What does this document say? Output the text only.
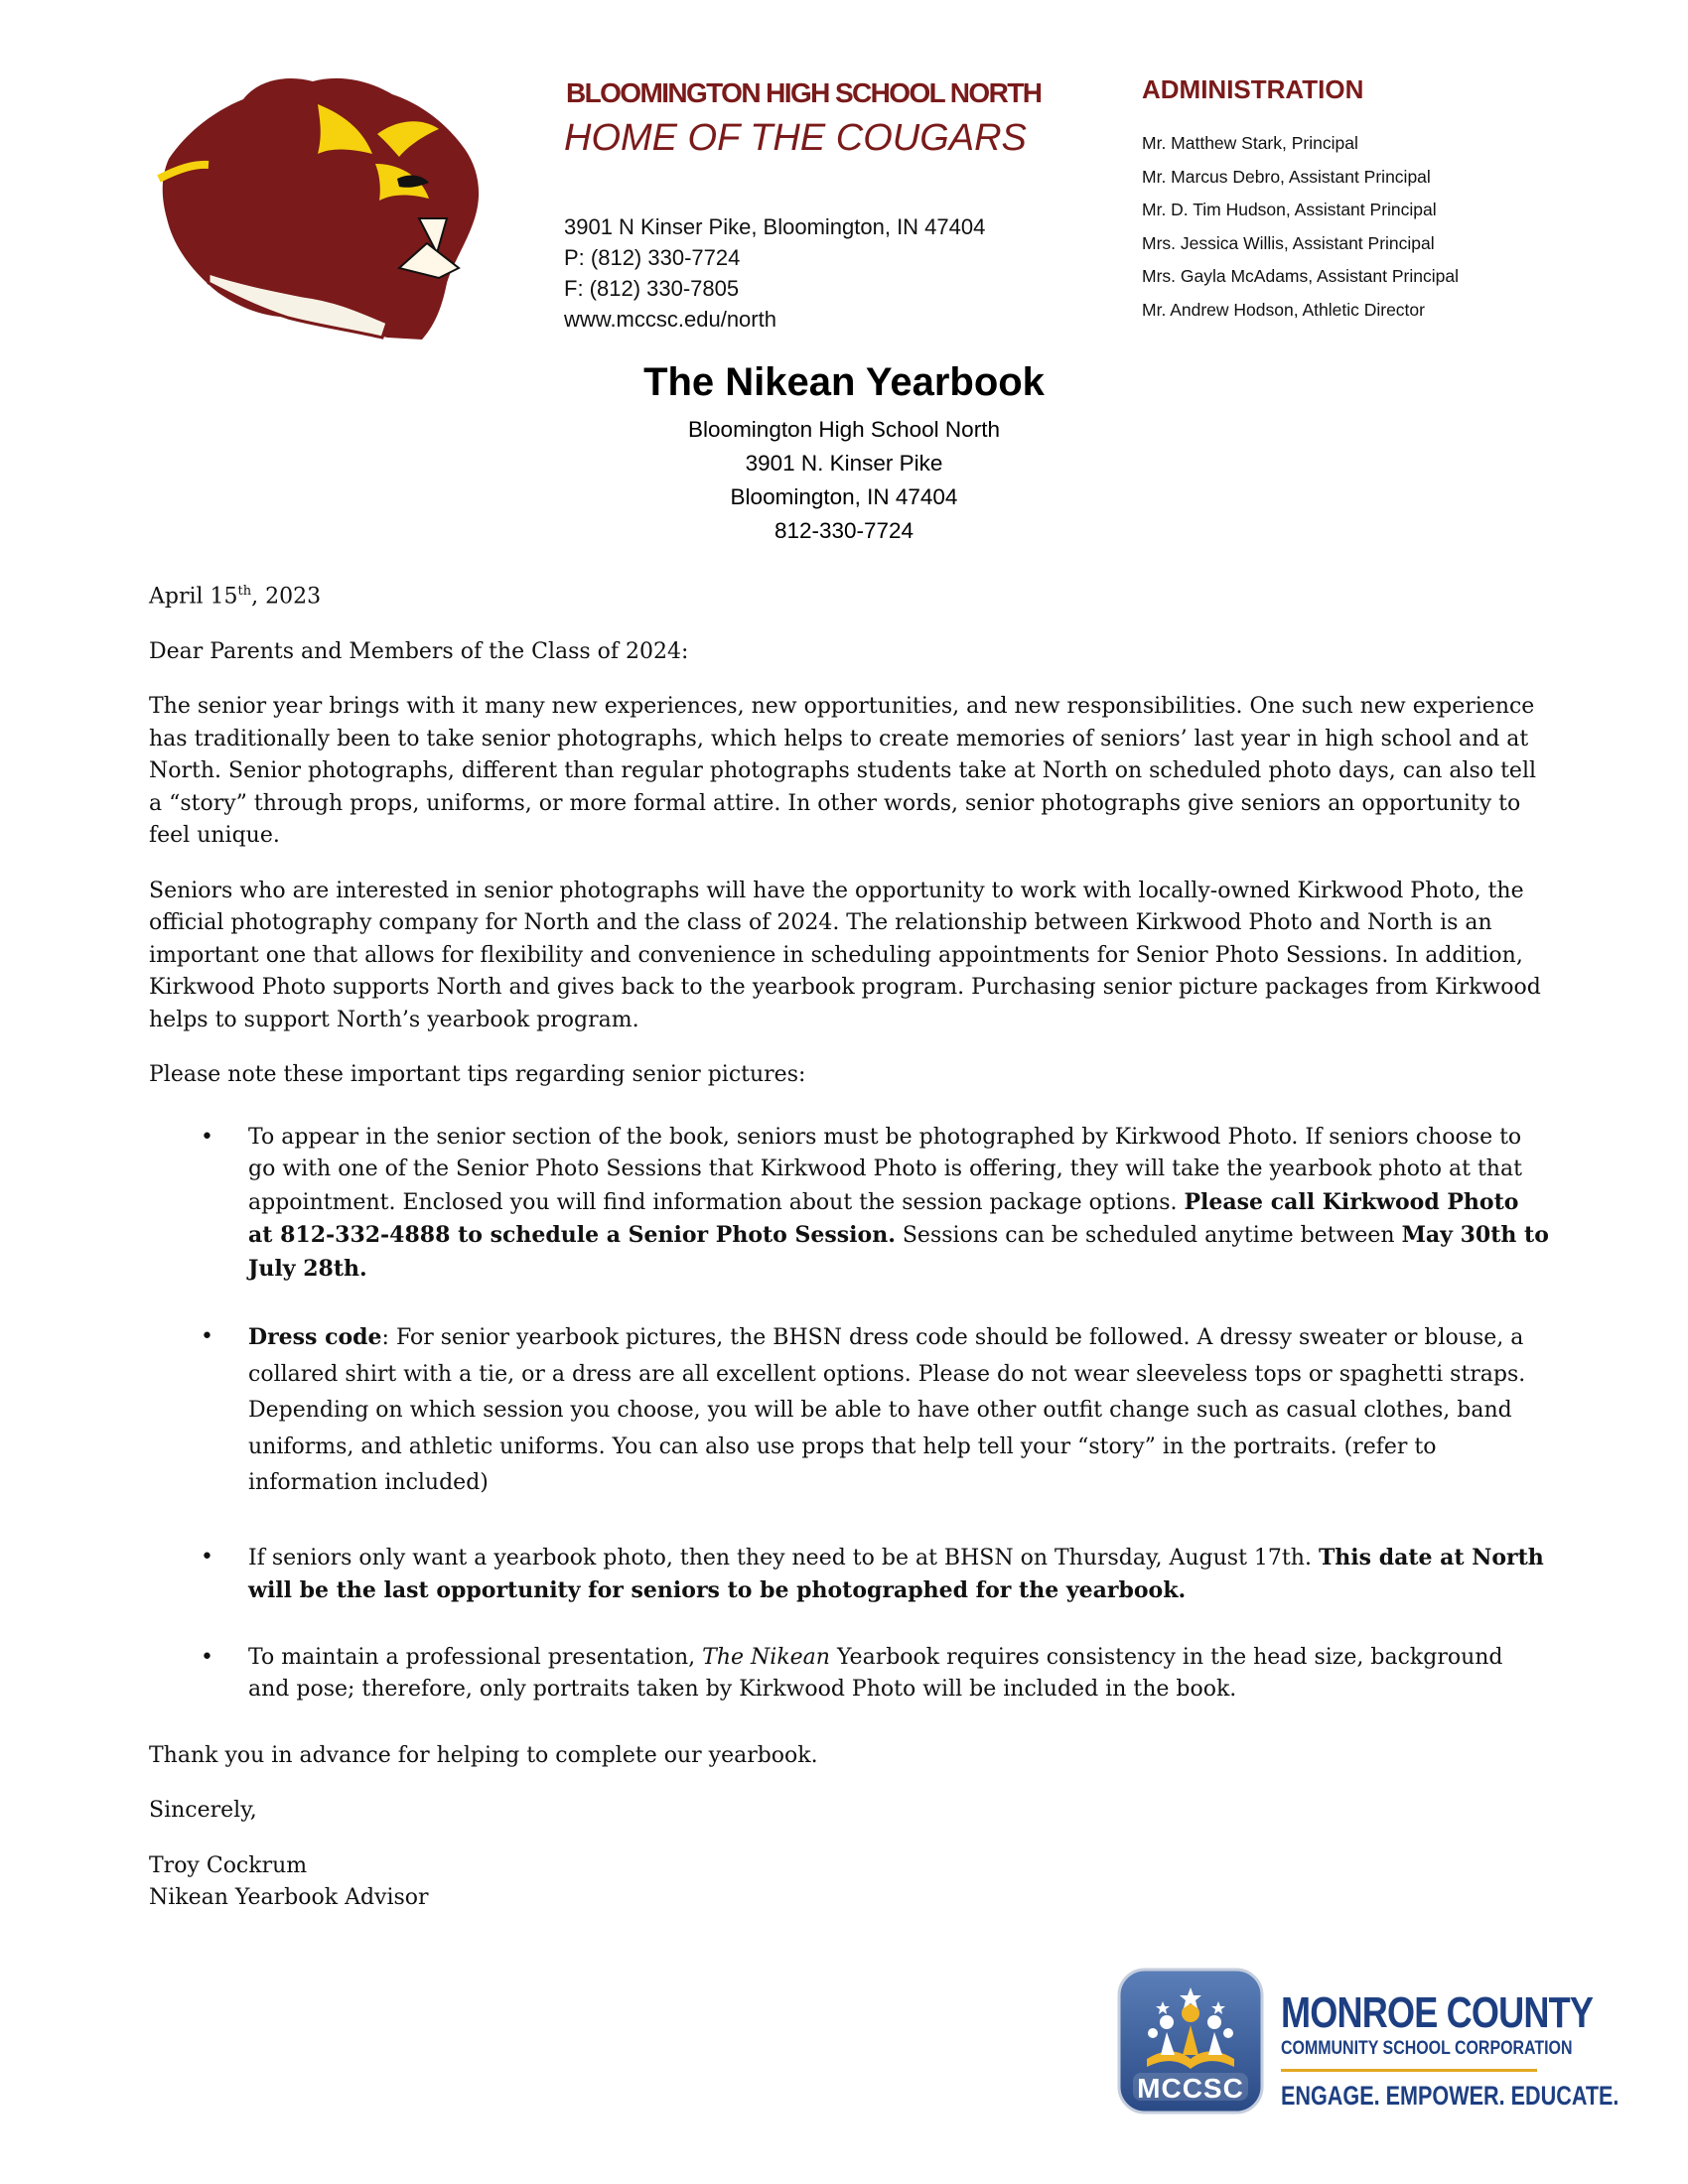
BLOOMINGTON HIGH SCHOOL NORTH
HOME OF THE COUGARS
3901 N Kinser Pike, Bloomington, IN 47404
P: (812) 330-7724
F: (812) 330-7805
www.mccsc.edu/north
ADMINISTRATION
Mr. Matthew Stark, Principal
Mr. Marcus Debro, Assistant Principal
Mr. D. Tim Hudson, Assistant Principal
Mrs. Jessica Willis, Assistant Principal
Mrs. Gayla McAdams, Assistant Principal
Mr. Andrew Hodson, Athletic Director
The Nikean Yearbook
Bloomington High School North
3901 N. Kinser Pike
Bloomington, IN 47404
812-330-7724

April 15th, 2023

Dear Parents and Members of the Class of 2024:

The senior year brings with it many new experiences, new opportunities, and new responsibilities. One such new experience has traditionally been to take senior photographs, which helps to create memories of seniors’ last year in high school and at North. Senior photographs, different than regular photographs students take at North on scheduled photo days, can also tell a “story” through props, uniforms, or more formal attire. In other words, senior photographs give seniors an opportunity to feel unique.

Seniors who are interested in senior photographs will have the opportunity to work with locally-owned Kirkwood Photo, the official photography company for North and the class of 2024. The relationship between Kirkwood Photo and North is an important one that allows for flexibility and convenience in scheduling appointments for Senior Photo Sessions. In addition, Kirkwood Photo supports North and gives back to the yearbook program. Purchasing senior picture packages from Kirkwood helps to support North’s yearbook program.

Please note these important tips regarding senior pictures:

• To appear in the senior section of the book, seniors must be photographed by Kirkwood Photo. If seniors choose to go with one of the Senior Photo Sessions that Kirkwood Photo is offering, they will take the yearbook photo at that appointment. Enclosed you will find information about the session package options. Please call Kirkwood Photo at 812-332-4888 to schedule a Senior Photo Session. Sessions can be scheduled anytime between May 30th to July 28th.
• Dress code: For senior yearbook pictures, the BHSN dress code should be followed. A dressy sweater or blouse, a collared shirt with a tie, or a dress are all excellent options. Please do not wear sleeveless tops or spaghetti straps. Depending on which session you choose, you will be able to have other outfit change such as casual clothes, band uniforms, and athletic uniforms. You can also use props that help tell your “story” in the portraits. (refer to information included)
• If seniors only want a yearbook photo, then they need to be at BHSN on Thursday, August 17th. This date at North will be the last opportunity for seniors to be photographed for the yearbook.
• To maintain a professional presentation, The Nikean Yearbook requires consistency in the head size, background and pose; therefore, only portraits taken by Kirkwood Photo will be included in the book.

Thank you in advance for helping to complete our yearbook.

Sincerely,

Troy Cockrum
Nikean Yearbook Advisor
MCCSC
MONROE COUNTY
COMMUNITY SCHOOL CORPORATION
ENGAGE. EMPOWER. EDUCATE.
